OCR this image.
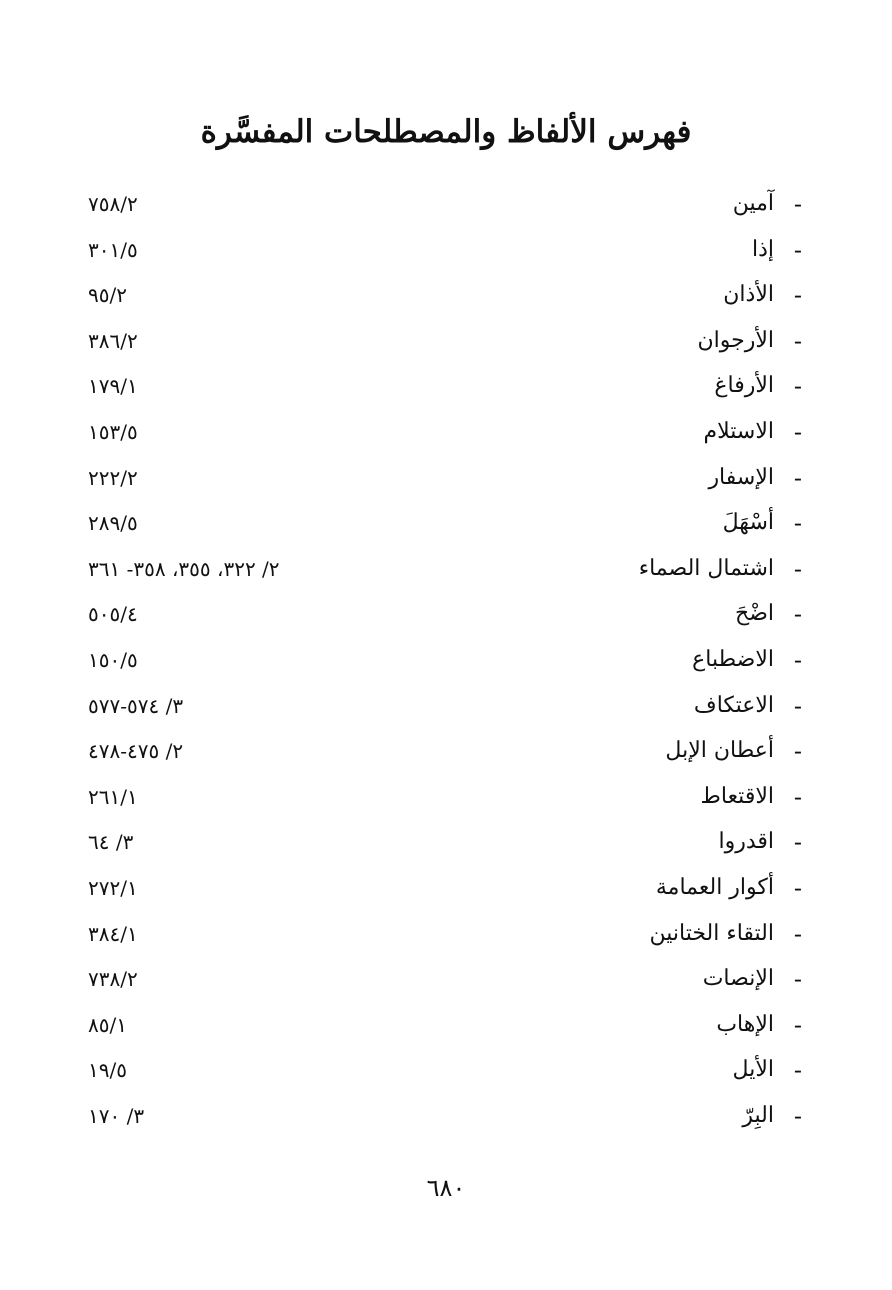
فهرس الألفاظ والمصطلحات المفسَّرة
-
آمين
٧٥٨/٢
-
إذا
٣٠١/٥
-
الأذان
٩٥/٢
-
الأرجوان
٣٨٦/٢
-
الأرفاغ
١٧٩/١
-
الاستلام
١٥٣/٥
-
الإسفار
٢٢٢/٢
-
أسْهَلَ
٢٨٩/٥
-
اشتمال الصماء
٢/ ٣٢٢، ٣٥٥، ٣٥٨- ٣٦١
-
اضْحَ
٥٠٥/٤
-
الاضطباع
١٥٠/٥
-
الاعتكاف
٣/ ٥٧٤-٥٧٧
-
أعطان الإبل
٢/ ٤٧٥-٤٧٨
-
الاقتعاط
٢٦١/١
-
اقدروا
٣/ ٦٤
-
أكوار العمامة
٢٧٢/١
-
التقاء الختانين
٣٨٤/١
-
الإنصات
٧٣٨/٢
-
الإهاب
٨٥/١
-
الأيل
١٩/٥
-
البِرّ
٣/ ١٧٠
٦٨٠
